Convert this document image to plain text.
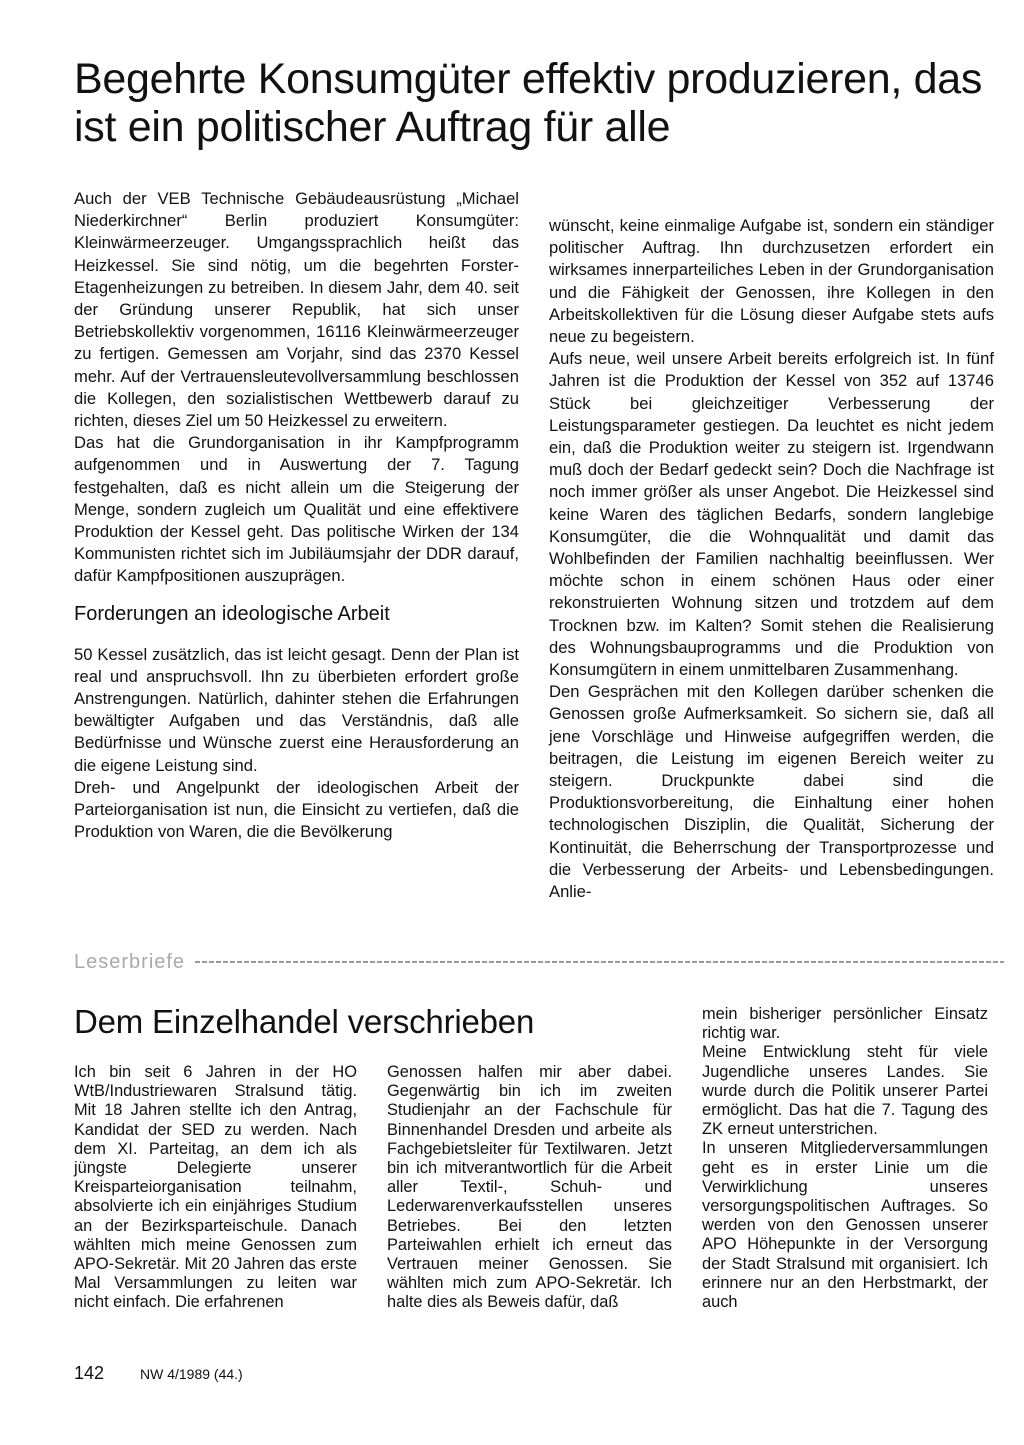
Begehrte Konsumgüter effektiv produzieren, das ist ein politischer Auftrag für alle

Auch der VEB Technische Gebäudeausrüstung „Michael Niederkirchner“ Berlin produziert Konsumgüter: Kleinwärmeerzeuger. Umgangssprachlich heißt das Heizkessel. Sie sind nötig, um die begehrten Forster-Etagenheizungen zu betreiben. In diesem Jahr, dem 40. seit der Gründung unserer Republik, hat sich unser Betriebskollektiv vorgenommen, 16116 Kleinwärmeerzeuger zu fertigen. Gemessen am Vorjahr, sind das 2370 Kessel mehr. Auf der Vertrauensleutevollversammlung beschlossen die Kollegen, den sozialistischen Wettbewerb darauf zu richten, dieses Ziel um 50 Heizkessel zu erweitern.

Das hat die Grundorganisation in ihr Kampfprogramm aufgenommen und in Auswertung der 7. Tagung festgehalten, daß es nicht allein um die Steigerung der Menge, sondern zugleich um Qualität und eine effektivere Produktion der Kessel geht. Das politische Wirken der 134 Kommunisten richtet sich im Jubiläumsjahr der DDR darauf, dafür Kampfpositionen auszuprägen.

Forderungen an ideologische Arbeit

50 Kessel zusätzlich, das ist leicht gesagt. Denn der Plan ist real und anspruchsvoll. Ihn zu überbieten erfordert große Anstrengungen. Natürlich, dahinter stehen die Erfahrungen bewältigter Aufgaben und das Verständnis, daß alle Bedürfnisse und Wünsche zuerst eine Herausforderung an die eigene Leistung sind.

Dreh- und Angelpunkt der ideologischen Arbeit der Parteiorganisation ist nun, die Einsicht zu vertiefen, daß die Produktion von Waren, die die Bevölkerung

wünscht, keine einmalige Aufgabe ist, sondern ein ständiger politischer Auftrag. Ihn durchzusetzen erfordert ein wirksames innerparteiliches Leben in der Grundorganisation und die Fähigkeit der Genossen, ihre Kollegen in den Arbeitskollektiven für die Lösung dieser Aufgabe stets aufs neue zu begeistern.

Aufs neue, weil unsere Arbeit bereits erfolgreich ist. In fünf Jahren ist die Produktion der Kessel von 352 auf 13746 Stück bei gleichzeitiger Verbesserung der Leistungsparameter gestiegen. Da leuchtet es nicht jedem ein, daß die Produktion weiter zu steigern ist. Irgendwann muß doch der Bedarf gedeckt sein? Doch die Nachfrage ist noch immer größer als unser Angebot. Die Heizkessel sind keine Waren des täglichen Bedarfs, sondern langlebige Konsumgüter, die die Wohnqualität und damit das Wohlbefinden der Familien nachhaltig beeinflussen. Wer möchte schon in einem schönen Haus oder einer rekonstruierten Wohnung sitzen und trotzdem auf dem Trocknen bzw. im Kalten? Somit stehen die Realisierung des Wohnungsbauprogramms und die Produktion von Konsumgütern in einem unmittelbaren Zusammenhang.

Den Gesprächen mit den Kollegen darüber schenken die Genossen große Aufmerksamkeit. So sichern sie, daß all jene Vorschläge und Hinweise aufgegriffen werden, die beitragen, die Leistung im eigenen Bereich weiter zu steigern. Druckpunkte dabei sind die Produktionsvorbereitung, die Einhaltung einer hohen technologischen Disziplin, die Qualität, Sicherung der Kontinuität, die Beherrschung der Transportprozesse und die Verbesserung der Arbeits- und Lebensbedingungen. Anlie-

Leserbriefe
Dem Einzelhandel verschrieben

Ich bin seit 6 Jahren in der HO WtB/Industriewaren Stralsund tätig. Mit 18 Jahren stellte ich den Antrag, Kandidat der SED zu werden. Nach dem XI. Parteitag, an dem ich als jüngste Delegierte unserer Kreisparteiorganisation teilnahm, absolvierte ich ein einjähriges Studium an der Bezirksparteischule. Danach wählten mich meine Genossen zum APO-Sekretär. Mit 20 Jahren das erste Mal Versammlungen zu leiten war nicht einfach. Die erfahrenen

Genossen halfen mir aber dabei. Gegenwärtig bin ich im zweiten Studienjahr an der Fachschule für Binnenhandel Dresden und arbeite als Fachgebietsleiter für Textilwaren. Jetzt bin ich mitverantwortlich für die Arbeit aller Textil-, Schuh- und Lederwarenverkaufsstellen unseres Betriebes. Bei den letzten Parteiwahlen erhielt ich erneut das Vertrauen meiner Genossen. Sie wählten mich zum APO-Sekretär. Ich halte dies als Beweis dafür, daß

mein bisheriger persönlicher Einsatz richtig war.

Meine Entwicklung steht für viele Jugendliche unseres Landes. Sie wurde durch die Politik unserer Partei ermöglicht. Das hat die 7. Tagung des ZK erneut unterstrichen.

In unseren Mitgliederversammlungen geht es in erster Linie um die Verwirklichung unseres versorgungspolitischen Auftrages. So werden von den Genossen unserer APO Höhepunkte in der Versorgung der Stadt Stralsund mit organisiert. Ich erinnere nur an den Herbstmarkt, der auch

142	NW 4/1989 (44.)
